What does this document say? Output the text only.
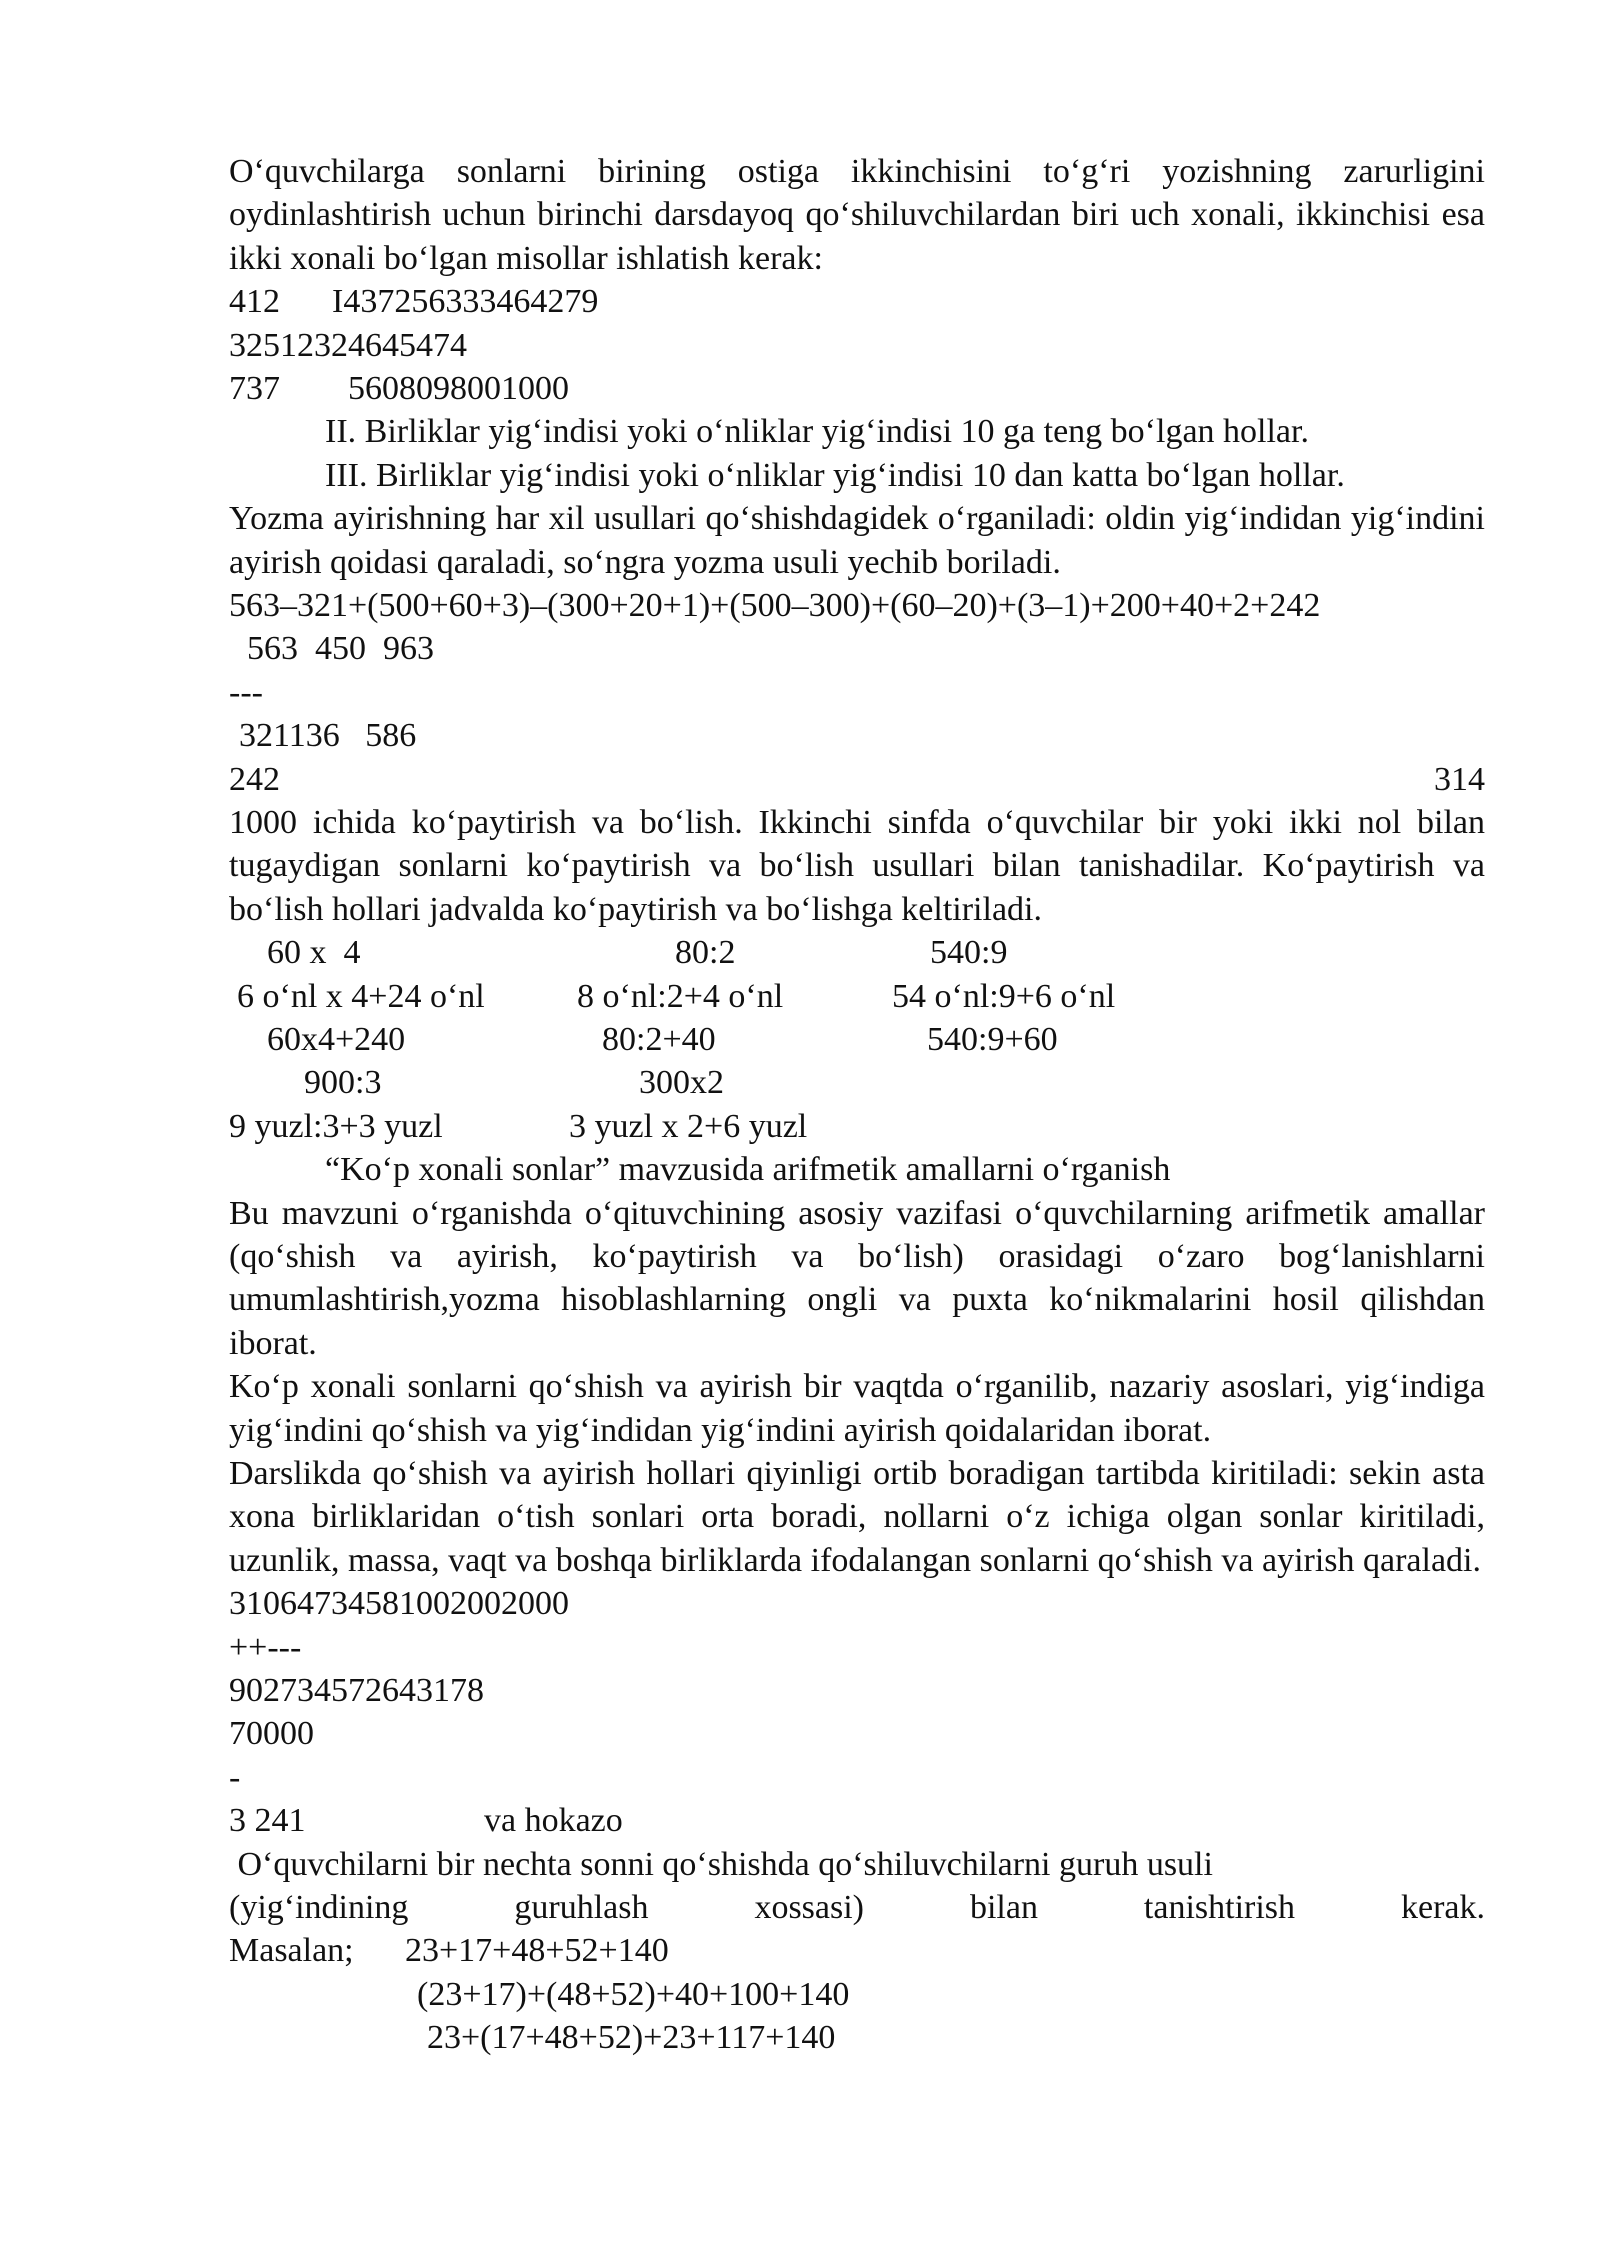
O‘quvchilarga sonlarni birining ostiga ikkinchisini to‘g‘ri yozishning zarurligini oydinlashtirish uchun birinchi darsdayoq qo‘shiluvchilardan biri uch xonali, ikkinchisi esa ikki xonali bo‘lgan misollar ishlatish kerak:
412	I437256333464279
32512324645474
737	5608098001000
II. Birliklar yig‘indisi yoki o‘nliklar yig‘indisi 10 ga teng bo‘lgan hollar.
III. Birliklar yig‘indisi yoki o‘nliklar yig‘indisi 10 dan katta bo‘lgan hollar.
Yozma ayirishning har xil usullari qo‘shishdagidek o‘rganiladi: oldin yig‘indidan yig‘indini ayirish qoidasi qaraladi, so‘ngra yozma usuli yechib boriladi.
563–321+(500+60+3)–(300+20+1)+(500–300)+(60–20)+(3–1)+200+40+2+242
563  450  963
---
321136   586
242	314
1000 ichida ko‘paytirish va bo‘lish. Ikkinchi sinfda o‘quvchilar bir yoki ikki nol bilan tugaydigan sonlarni ko‘paytirish va bo‘lish usullari bilan tanishadilar. Ko‘paytirish va bo‘lish hollari jadvalda ko‘paytirish va bo‘lishga keltiriladi.
60 x  4	80:2	540:9
6 o‘nl x 4+24 o‘nl	8 o‘nl:2+4 o‘nl	54 o‘nl:9+6 o‘nl
60x4+240	80:2+40	540:9+60
900:3	300x2
9 yuzl:3+3 yuzl	3 yuzl x 2+6 yuzl
“Ko‘p xonali sonlar” mavzusida arifmetik amallarni o‘rganish
Bu mavzuni o‘rganishda o‘qituvchining asosiy vazifasi o‘quvchilarning arifmetik amallar (qo‘shish va ayirish, ko‘paytirish va bo‘lish) orasidagi o‘zaro bog‘lanishlarni umumlashtirish,yozma hisoblashlarning ongli va puxta ko‘nikmalarini hosil qilishdan iborat.
Ko‘p xonali sonlarni qo‘shish va ayirish bir vaqtda o‘rganilib, nazariy asoslari, yig‘indiga yig‘indini qo‘shish va yig‘indidan yig‘indini ayirish qoidalaridan iborat.
Darslikda qo‘shish va ayirish hollari qiyinligi ortib boradigan tartibda kiritiladi: sekin asta xona birliklaridan o‘tish sonlari orta boradi, nollarni o‘z ichiga olgan sonlar kiritiladi, uzunlik, massa, vaqt va boshqa birliklarda ifodalangan sonlarni qo‘shish va ayirish qaraladi.
31064734581002002000
++---
902734572643178
70000
-
3 241	va hokazo
O‘quvchilarni bir nechta sonni qo‘shishda qo‘shiluvchilarni guruh usuli
(yig‘indining guruhlash xossasi) bilan tanishtirish kerak.
Masalan;	23+17+48+52+140
(23+17)+(48+52)+40+100+140
23+(17+48+52)+23+117+140
